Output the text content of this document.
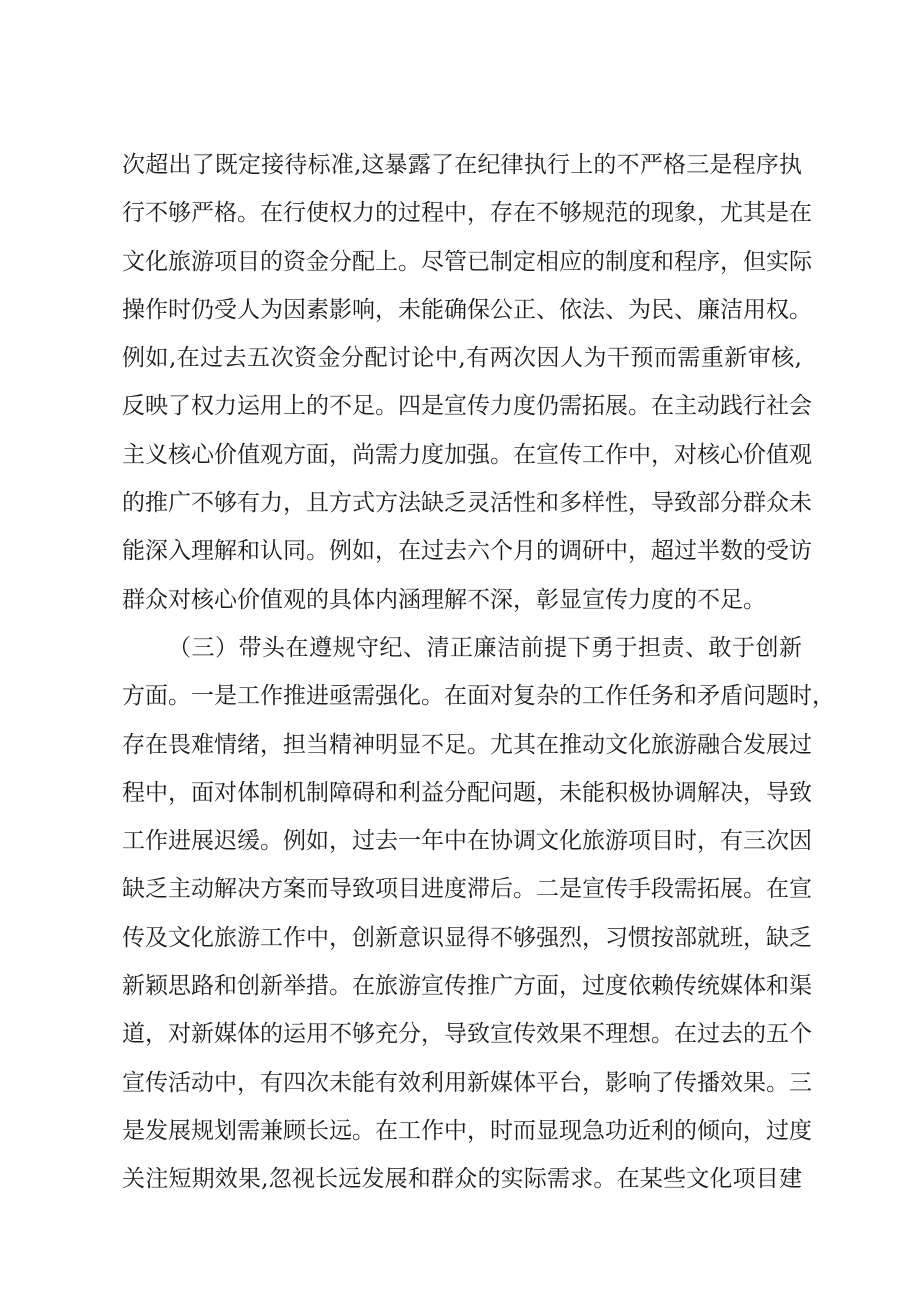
次超出了既定接待标准,这暴露了在纪律执行上的不严格三是程序执
行不够严格。在行使权力的过程中，存在不够规范的现象，尤其是在
文化旅游项目的资金分配上。尽管已制定相应的制度和程序，但实际
操作时仍受人为因素影响，未能确保公正、依法、为民、廉洁用权。
例如,在过去五次资金分配讨论中,有两次因人为干预而需重新审核,
反映了权力运用上的不足。四是宣传力度仍需拓展。在主动践行社会
主义核心价值观方面，尚需力度加强。在宣传工作中，对核心价值观
的推广不够有力，且方式方法缺乏灵活性和多样性，导致部分群众未
能深入理解和认同。例如，在过去六个月的调研中，超过半数的受访
群众对核心价值观的具体内涵理解不深，彰显宣传力度的不足。
（三）带头在遵规守纪、清正廉洁前提下勇于担责、敢于创新
方面。一是工作推进亟需强化。在面对复杂的工作任务和矛盾问题时，
存在畏难情绪，担当精神明显不足。尤其在推动文化旅游融合发展过
程中，面对体制机制障碍和利益分配问题，未能积极协调解决，导致
工作进展迟缓。例如，过去一年中在协调文化旅游项目时，有三次因
缺乏主动解决方案而导致项目进度滞后。二是宣传手段需拓展。在宣
传及文化旅游工作中，创新意识显得不够强烈，习惯按部就班，缺乏
新颖思路和创新举措。在旅游宣传推广方面，过度依赖传统媒体和渠
道，对新媒体的运用不够充分，导致宣传效果不理想。在过去的五个
宣传活动中，有四次未能有效利用新媒体平台，影响了传播效果。三
是发展规划需兼顾长远。在工作中，时而显现急功近利的倾向，过度
关注短期效果,忽视长远发展和群众的实际需求。在某些文化项目建
